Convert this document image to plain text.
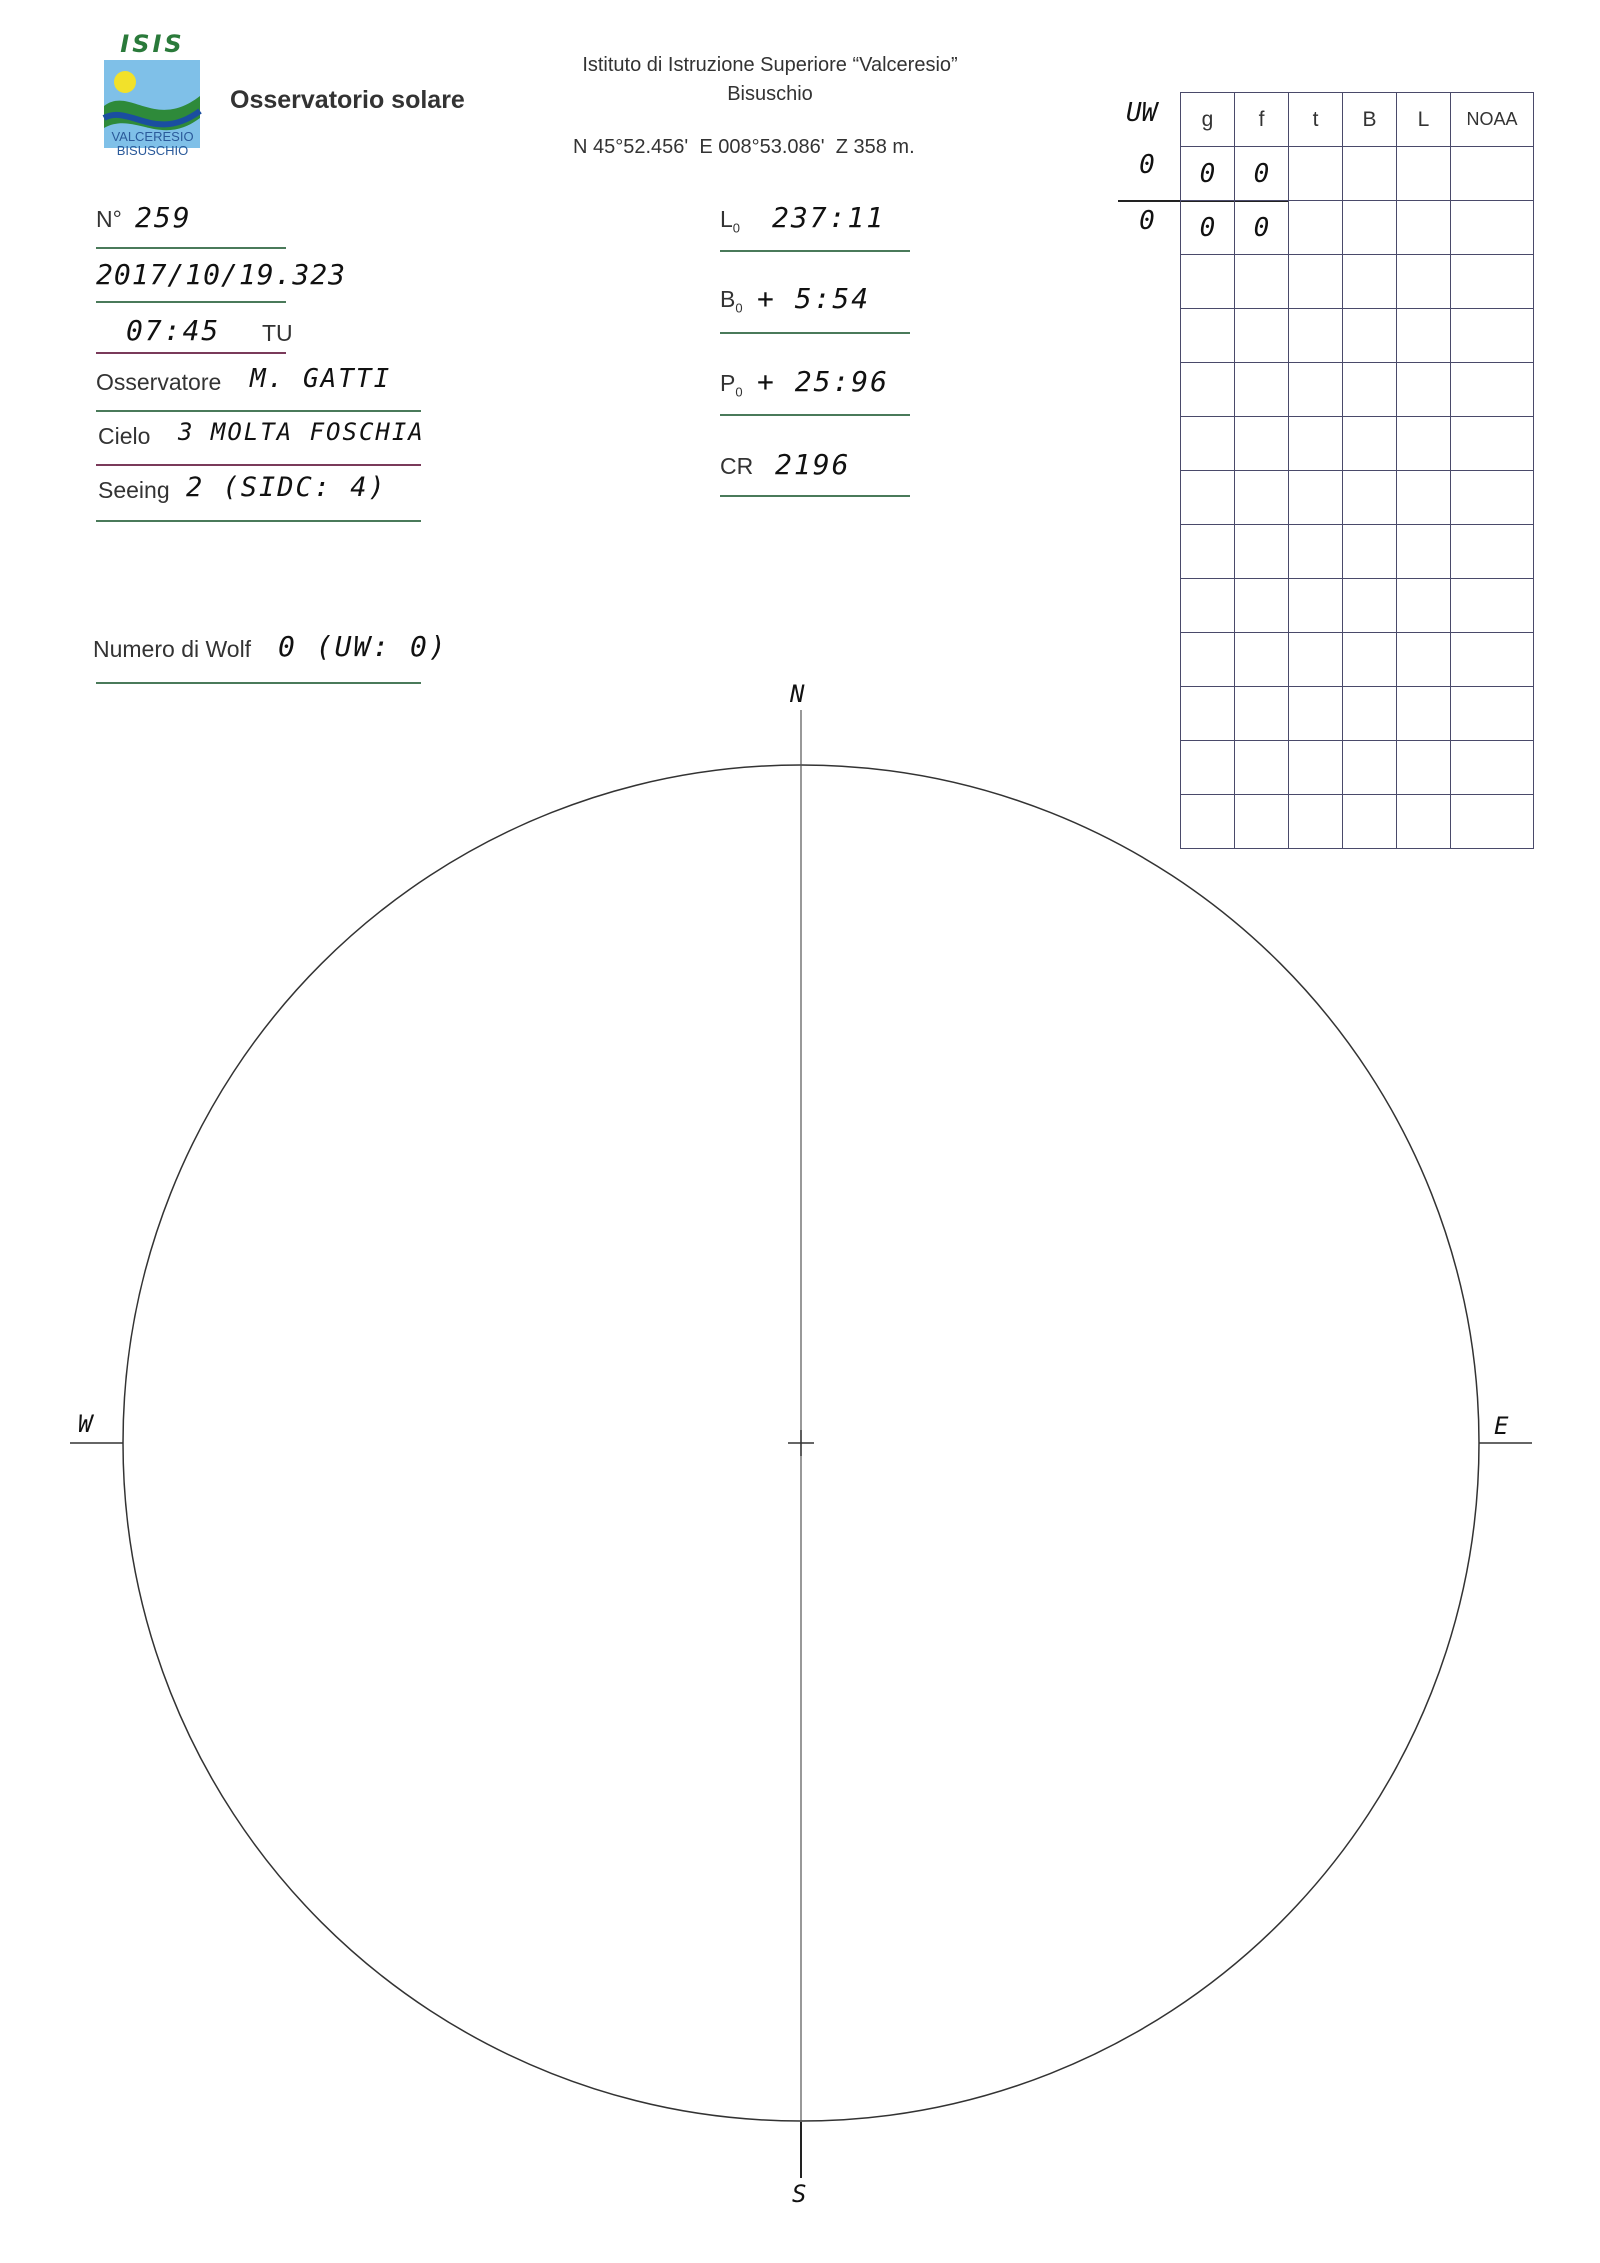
ISIS
VALCERESIO
BISUSCHIO
Osservatorio solare
Istituto di Istruzione Superiore “Valceresio”
Bisuschio
N 45°52.456'  E 008°53.086'  Z 358 m.
N° 259
2017/10/19.323
07:45 TU
Osservatore M. GATTI
Cielo 3 MOLTA FOSCHIA
Seeing 2 (SIDC: 4)
Numero di Wolf 0 (UW: 0)
$L_0$ 237:11
$B_0$ + 5:54
$P_0$ + 25:96
CR 2196
UW
0
0
g	f	t	B	L	NOAA
0	0				
0	0				

N
S
E
W
